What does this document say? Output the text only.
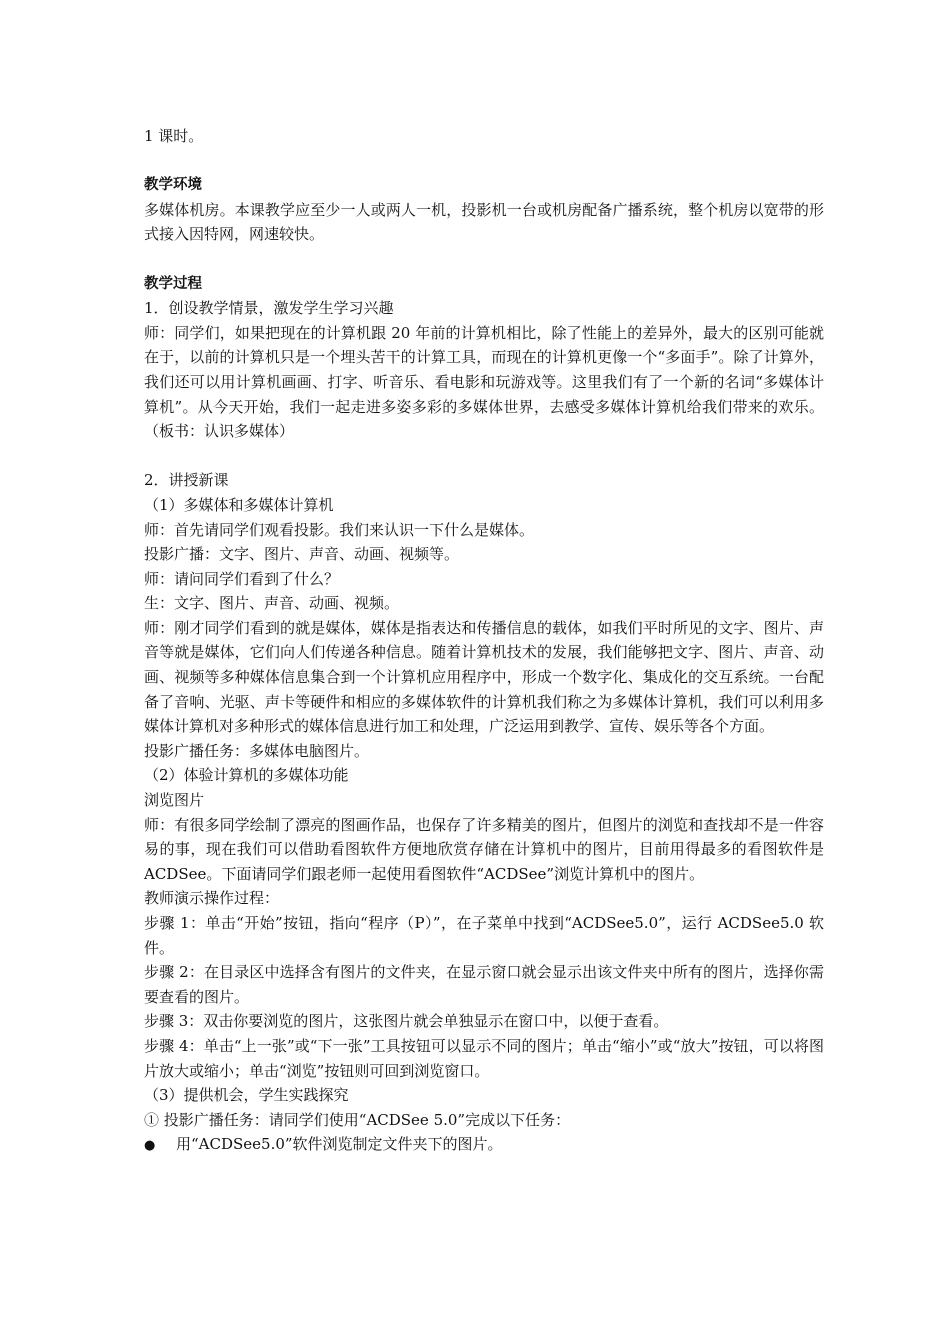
1 课时。

教学环境

多媒体机房。本课教学应至少一人或两人一机，投影机一台或机房配备广播系统，整个机房以宽带的形式接入因特网，网速较快。

教学过程

1．创设教学情景，激发学生学习兴趣

师：同学们，如果把现在的计算机跟 20 年前的计算机相比，除了性能上的差异外，最大的区别可能就在于，以前的计算机只是一个埋头苦干的计算工具，而现在的计算机更像一个“多面手”。除了计算外，我们还可以用计算机画画、打字、听音乐、看电影和玩游戏等。这里我们有了一个新的名词“多媒体计算机”。从今天开始，我们一起走进多姿多彩的多媒体世界，去感受多媒体计算机给我们带来的欢乐。（板书：认识多媒体）

2．讲授新课

（1）多媒体和多媒体计算机

师：首先请同学们观看投影。我们来认识一下什么是媒体。

投影广播：文字、图片、声音、动画、视频等。

师：请问同学们看到了什么？

生：文字、图片、声音、动画、视频。

师：刚才同学们看到的就是媒体，媒体是指表达和传播信息的载体，如我们平时所见的文字、图片、声音等就是媒体，它们向人们传递各种信息。随着计算机技术的发展，我们能够把文字、图片、声音、动画、视频等多种媒体信息集合到一个计算机应用程序中，形成一个数字化、集成化的交互系统。一台配备了音响、光驱、声卡等硬件和相应的多媒体软件的计算机我们称之为多媒体计算机，我们可以利用多媒体计算机对多种形式的媒体信息进行加工和处理，广泛运用到教学、宣传、娱乐等各个方面。

投影广播任务：多媒体电脑图片。

（2）体验计算机的多媒体功能

浏览图片

师：有很多同学绘制了漂亮的图画作品，也保存了许多精美的图片，但图片的浏览和查找却不是一件容易的事，现在我们可以借助看图软件方便地欣赏存储在计算机中的图片，目前用得最多的看图软件是 ACDSee。下面请同学们跟老师一起使用看图软件“ACDSee”浏览计算机中的图片。

教师演示操作过程：

步骤 1：单击“开始”按钮，指向“程序（P）”，在子菜单中找到“ACDSee5.0”，运行 ACDSee5.0 软件。

步骤 2：在目录区中选择含有图片的文件夹，在显示窗口就会显示出该文件夹中所有的图片，选择你需要查看的图片。

步骤 3：双击你要浏览的图片，这张图片就会单独显示在窗口中，以便于查看。

步骤 4：单击“上一张”或“下一张”工具按钮可以显示不同的图片；单击“缩小”或“放大”按钮，可以将图片放大或缩小；单击“浏览”按钮则可回到浏览窗口。

（3）提供机会，学生实践探究

① 投影广播任务：请同学们使用“ACDSee 5.0”完成以下任务：

●	用“ACDSee5.0”软件浏览制定文件夹下的图片。
